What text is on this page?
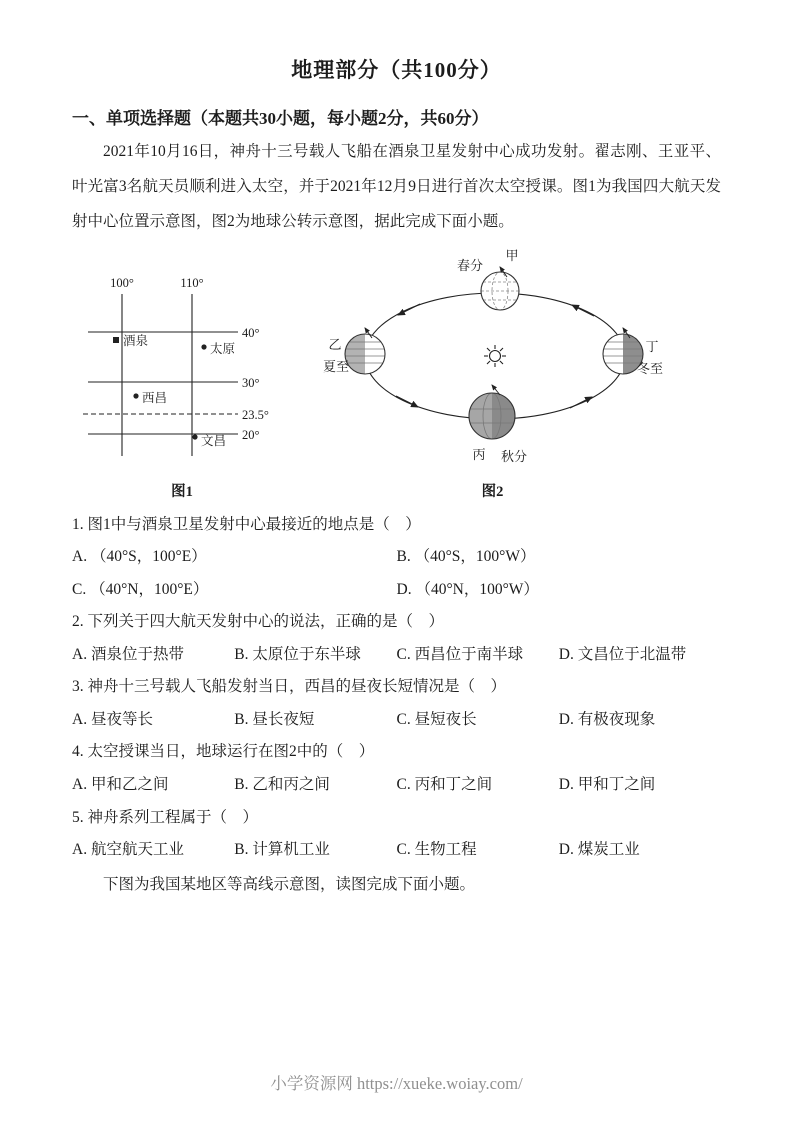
地理部分（共100分）
一、单项选择题（本题共30小题，每小题2分，共60分）

2021年10月16日，神舟十三号载人飞船在酒泉卫星发射中心成功发射。翟志刚、王亚平、叶光富3名航天员顺利进入太空，并于2021年12月9日进行首次太空授课。图1为我国四大航天发射中心位置示意图，图2为地球公转示意图，据此完成下面小题。

100°	110°
40°
30°
23.5°
20°
酒泉
太原
西昌
文昌
图1
春分
甲
乙
夏至
丁
冬至
丙 秋分
图2
1. 图1中与酒泉卫星发射中心最接近的地点是（　）
A. （40°S，100°E）	B. （40°S，100°W）
C. （40°N，100°E）	D. （40°N，100°W）
2. 下列关于四大航天发射中心的说法，正确的是（　）
A. 酒泉位于热带	B. 太原位于东半球	C. 西昌位于南半球	D. 文昌位于北温带
3. 神舟十三号载人飞船发射当日，西昌的昼夜长短情况是（　）
A. 昼夜等长	B. 昼长夜短	C. 昼短夜长	D. 有极夜现象
4. 太空授课当日，地球运行在图2中的（　）
A. 甲和乙之间	B. 乙和丙之间	C. 丙和丁之间	D. 甲和丁之间
5. 神舟系列工程属于（　）
A. 航空航天工业	B. 计算机工业	C. 生物工程	D. 煤炭工业

下图为我国某地区等高线示意图，读图完成下面小题。

小学资源网 https://xueke.woiay.com/
